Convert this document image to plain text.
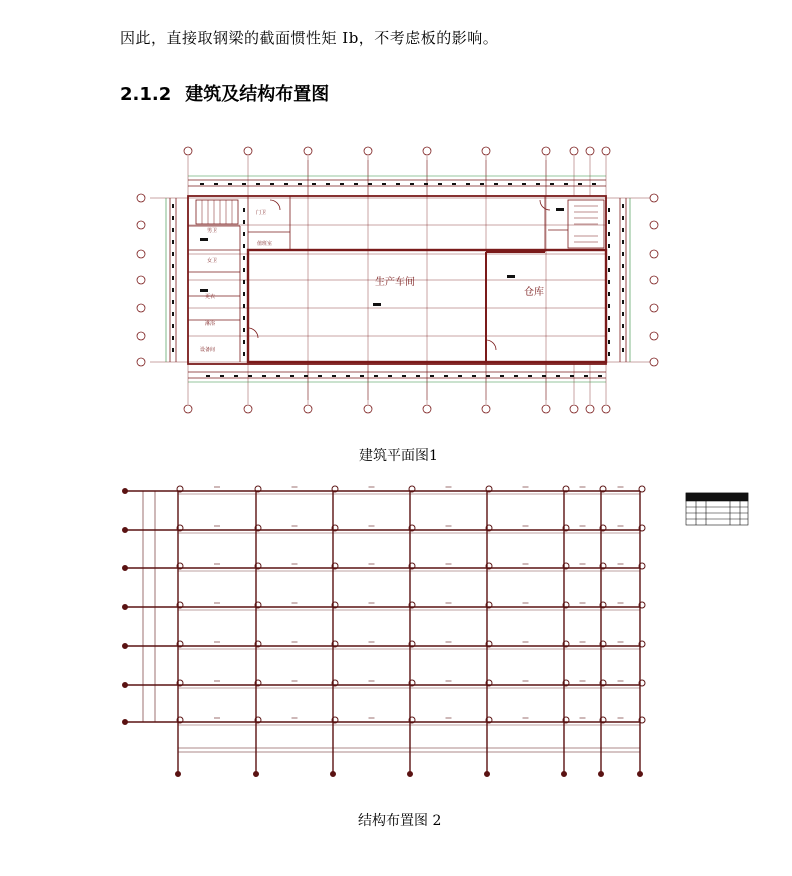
因此，直接取钢梁的截面惯性矩 Ib，不考虑板的影响。
2.1.2 建筑及结构布置图
生产车间
仓库
门卫
值班室
男卫
女卫
更衣
淋浴
设备间
建筑平面图1
结构布置图 2
